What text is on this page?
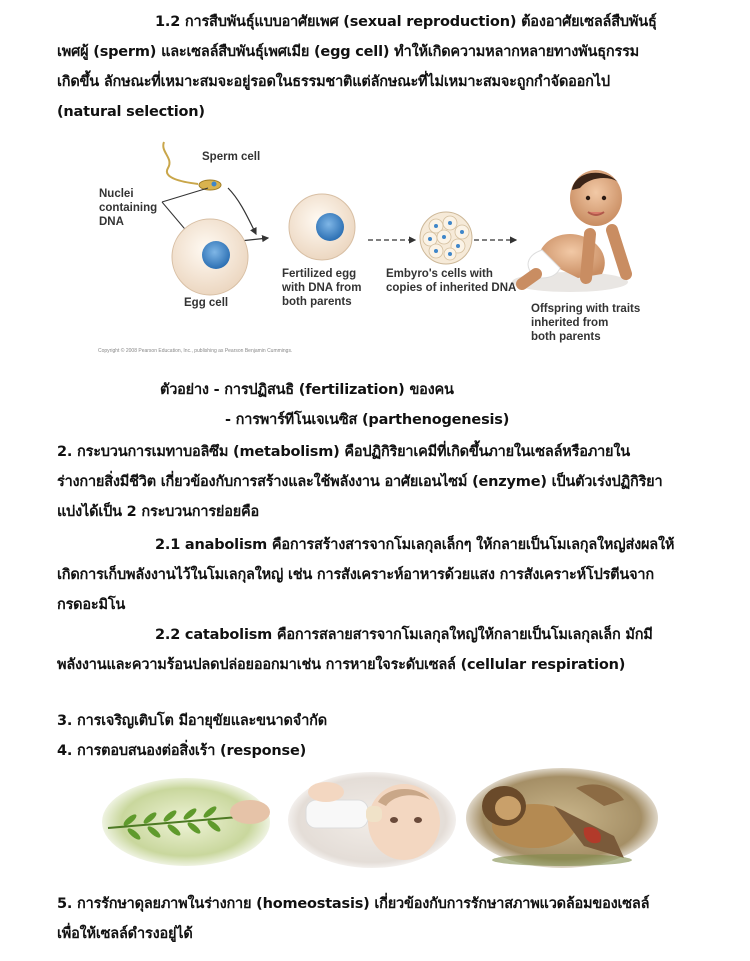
1.2 การสืบพันธุ์แบบอาศัยเพศ (sexual reproduction) ต้องอาศัยเซลล์สืบพันธุ์
เพศผู้ (sperm) และเซลล์สืบพันธุ์เพศเมีย (egg cell) ทำให้เกิดความหลากหลายทางพันธุกรรม
เกิดขึ้น ลักษณะที่เหมาะสมจะอยู่รอดในธรรมชาติแต่ลักษณะที่ไม่เหมาะสมจะถูกกำจัดออกไป
(natural selection)
Sperm cell
Nuclei
containing
DNA
Egg cell
Fertilized egg
with DNA from
both parents
Embyro's cells with
copies of inherited DNA
Offspring with traits
inherited from
both parents
Copyright © 2008 Pearson Education, Inc., publishing as Pearson Benjamin Cummings.
ตัวอย่าง - การปฏิสนธิ (fertilization) ของคน
- การพาร์ทีโนเจเนซิส (parthenogenesis)
2. กระบวนการเมทาบอลิซึม (metabolism) คือปฏิกิริยาเคมีที่เกิดขึ้นภายในเซลล์หรือภายใน
ร่างกายสิ่งมีชีวิต เกี่ยวข้องกับการสร้างและใช้พลังงาน อาศัยเอนไซม์ (enzyme) เป็นตัวเร่งปฏิกิริยา
แบ่งได้เป็น 2 กระบวนการย่อยคือ
2.1 anabolism คือการสร้างสารจากโมเลกุลเล็กๆ ให้กลายเป็นโมเลกุลใหญ่ส่งผลให้
เกิดการเก็บพลังงานไว้ในโมเลกุลใหญ่ เช่น การสังเคราะห์อาหารด้วยแสง การสังเคราะห์โปรตีนจาก
กรดอะมิโน
2.2 catabolism คือการสลายสารจากโมเลกุลใหญ่ให้กลายเป็นโมเลกุลเล็ก มักมี
พลังงานและความร้อนปลดปล่อยออกมาเช่น การหายใจระดับเซลล์ (cellular respiration)
3. การเจริญเติบโต มีอายุขัยและขนาดจำกัด
4. การตอบสนองต่อสิ่งเร้า (response)
5. การรักษาดุลยภาพในร่างกาย (homeostasis) เกี่ยวข้องกับการรักษาสภาพแวดล้อมของเซลล์
เพื่อให้เซลล์ดำรงอยู่ได้
